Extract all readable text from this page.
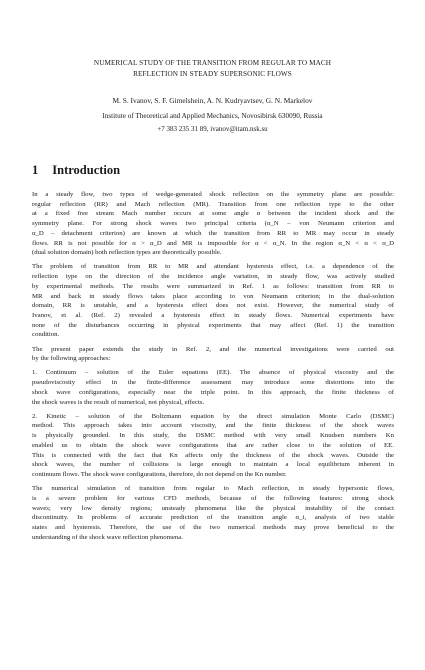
NUMERICAL STUDY OF THE TRANSITION FROM REGULAR TO MACH
REFLECTION IN STEADY SUPERSONIC FLOWS
M. S. Ivanov, S. F. Gimelshein, A. N. Kudryavtsev, G. N. Markelov
Institute of Theoretical and Applied Mechanics, Novosibirsk 630090, Russia
+7 383 235 31 89, ivanov@itam.nsk.su
1 Introduction

In a steady flow, two types of wedge-generated shock reflection on the symmetry plane are possible:
regular reflection (RR) and Mach reflection (MR). Transition from one reflection type to the other
at a fixed free stream Mach number occurs at some angle α between the incident shock and the
symmetry plane. For strong shock waves two principal criteria (α_N – von Neumann criterion and
α_D – detachment criterion) are known at which the transition from RR to MR may occur in steady
flows. RR is not possible for α > α_D and MR is impossible for α < α_N. In the region α_N < α < α_D
(dual solution domain) both reflection types are theoretically possible.

The problem of transition from RR to MR and attendant hysteresis effect, i.e. a dependence of the
reflection type on the direction of the incidence angle variation, in steady flow, was actively studied
by experimental methods. The results were summarized in Ref. 1 as follows: transition from RR to
MR and back in steady flows takes place according to von Neumann criterion; in the dual-solution
domain, RR is unstable, and a hysteresis effect does not exist. However, the numerical study of
Ivanov, et al. (Ref. 2) revealed a hysteresis effect in steady flows. Numerical experiments have
none of the disturbances occurring in physical experiments that may affect (Ref. 1) the transition
condition.

The present paper extends the study in Ref. 2, and the numerical investigations were carried out
by the following approaches:

1. Continuum – solution of the Euler equations (EE). The absence of physical viscosity and the
pseudoviscosity effect in the finite-difference assessment may introduce some distortions into the
shock wave configurations, especially near the triple point. In this approach, the finite thickness of
the shock waves is the result of numerical, not physical, effects.

2. Kinetic – solution of the Boltzmann equation by the direct simulation Monte Carlo (DSMC)
method. This approach takes into account viscosity, and the finite thickness of the shock waves
is physically grounded. In this study, the DSMC method with very small Knudsen numbers Kn
enabled us to obtain the shock wave configurations that are rather close to the solution of EE.
This is connected with the fact that Kn affects only the thickness of the shock waves. Outside the
shock waves, the number of collisions is large enough to maintain a local equilibrium inherent in
continuum flows. The shock wave configurations, therefore, do not depend on the Kn number.

The numerical simulation of transition from regular to Mach reflection, in steady hypersonic flows,
is a severe problem for various CFD methods, because of the following features: strong shock
waves; very low density regions; unsteady phenomena like the physical instability of the contact
discontinuity. In problems of accurate prediction of the transition angle α_t, analysis of two stable
states and hysteresis. Therefore, the use of the two numerical methods may prove beneficial to the
understanding of the shock wave reflection phenomena.
